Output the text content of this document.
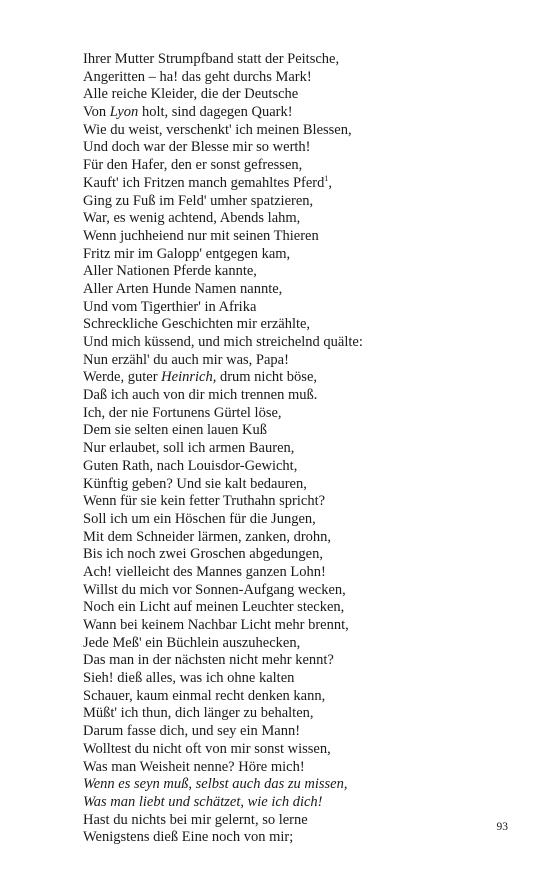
Ihrer Mutter Strumpfband statt der Peitsche,
Angeritten – ha! das geht durchs Mark!
Alle reiche Kleider, die der Deutsche
Von Lyon holt, sind dagegen Quark!
Wie du weist, verschenkt' ich meinen Blessen,
Und doch war der Blesse mir so werth!
Für den Hafer, den er sonst gefressen,
Kauft' ich Fritzen manch gemahltes Pferd$^1$,
Ging zu Fuß im Feld' umher spatzieren,
War, es wenig achtend, Abends lahm,
Wenn juchheiend nur mit seinen Thieren
Fritz mir im Galopp' entgegen kam,
Aller Nationen Pferde kannte,
Aller Arten Hunde Namen nannte,
Und vom Tigerthier' in Afrika
Schreckliche Geschichten mir erzählte,
Und mich küssend, und mich streichelnd quälte:
Nun erzähl' du auch mir was, Papa!
Werde, guter Heinrich, drum nicht böse,
Daß ich auch von dir mich trennen muß.
Ich, der nie Fortunens Gürtel löse,
Dem sie selten einen lauen Kuß
Nur erlaubet, soll ich armen Bauren,
Guten Rath, nach Louisdor-Gewicht,
Künftig geben? Und sie kalt bedauren,
Wenn für sie kein fetter Truthahn spricht?
Soll ich um ein Höschen für die Jungen,
Mit dem Schneider lärmen, zanken, drohn,
Bis ich noch zwei Groschen abgedungen,
Ach! vielleicht des Mannes ganzen Lohn!
Willst du mich vor Sonnen-Aufgang wecken,
Noch ein Licht auf meinen Leuchter stecken,
Wann bei keinem Nachbar Licht mehr brennt,
Jede Meß' ein Büchlein auszuhecken,
Das man in der nächsten nicht mehr kennt?
Sieh! dieß alles, was ich ohne kalten
Schauer, kaum einmal recht denken kann,
Müßt' ich thun, dich länger zu behalten,
Darum fasse dich, und sey ein Mann!
Wolltest du nicht oft von mir sonst wissen,
Was man Weisheit nenne? Höre mich!
Wenn es seyn muß, selbst auch das zu missen,
Was man liebt und schätzet, wie ich dich!
Hast du nichts bei mir gelernt, so lerne
Wenigstens dieß Eine noch von mir;
93
